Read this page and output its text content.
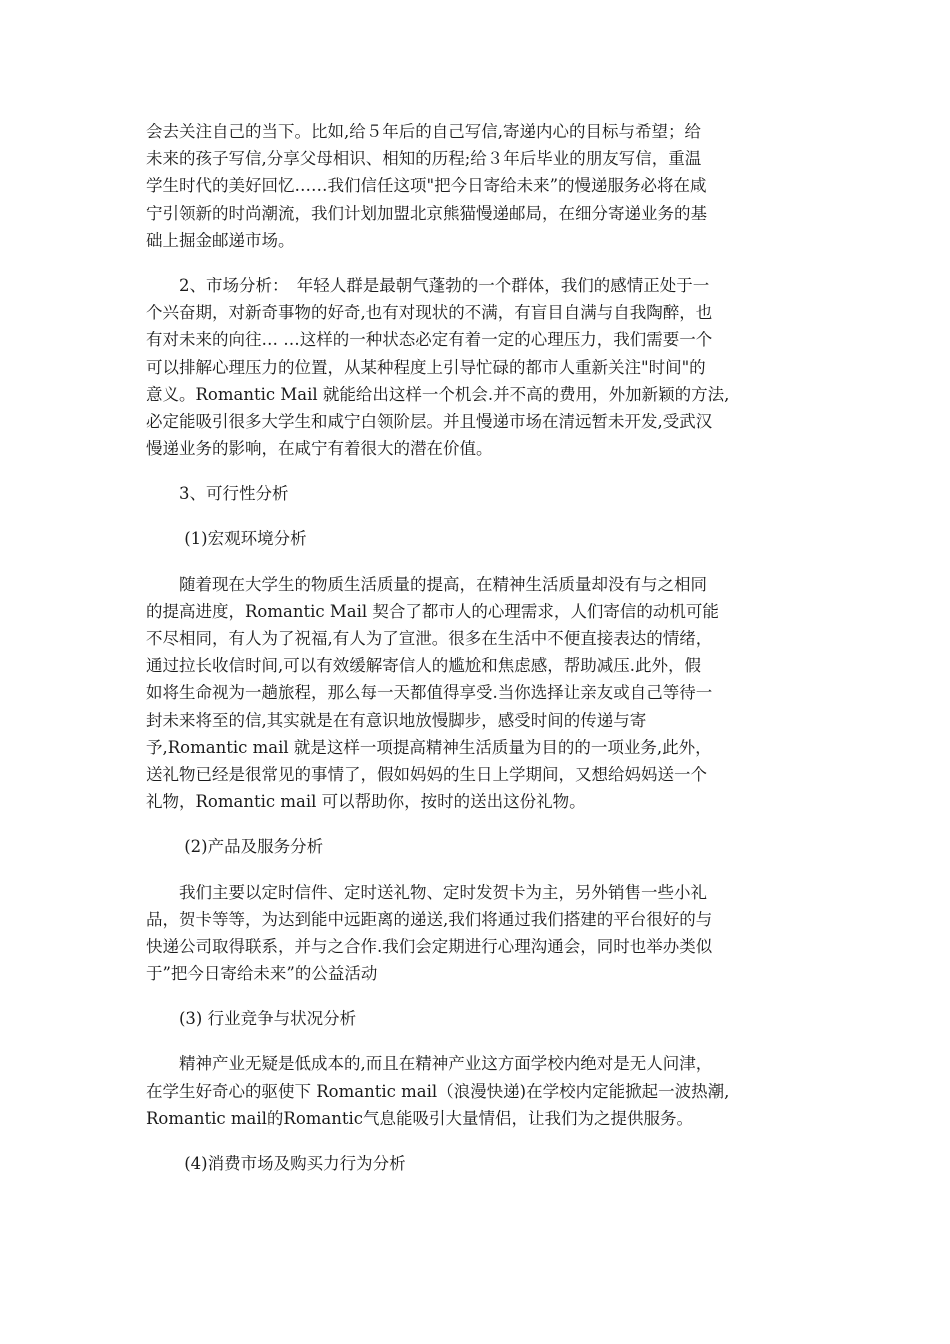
会去关注自己的当下。比如,给５年后的自己写信,寄递内心的目标与希望；给
未来的孩子写信,分享父母相识、相知的历程;给３年后毕业的朋友写信，重温
学生时代的美好回忆……我们信任这项"把今日寄给未来”的慢递服务必将在咸
宁引领新的时尚潮流，我们计划加盟北京熊猫慢递邮局，在细分寄递业务的基
础上掘金邮递市场。
　　2、市场分析：　年轻人群是最朝气蓬勃的一个群体，我们的感情正处于一
个兴奋期，对新奇事物的好奇,也有对现状的不满，有盲目自满与自我陶醉，也
有对未来的向往… …这样的一种状态必定有着一定的心理压力，我们需要一个
可以排解心理压力的位置，从某种程度上引导忙碌的都市人重新关注"时间"的
意义。Romantic Mail 就能给出这样一个机会.并不高的费用，外加新颖的方法,
必定能吸引很多大学生和咸宁白领阶层。并且慢递市场在清远暂未开发,受武汉
慢递业务的影响，在咸宁有着很大的潜在价值。
　　3、可行性分析
　　 (1)宏观环境分析
　　随着现在大学生的物质生活质量的提高，在精神生活质量却没有与之相同
的提高进度，Romantic Mail 契合了都市人的心理需求，人们寄信的动机可能
不尽相同，有人为了祝福,有人为了宣泄。很多在生活中不便直接表达的情绪，
通过拉长收信时间,可以有效缓解寄信人的尴尬和焦虑感，帮助减压.此外，假
如将生命视为一趟旅程，那么每一天都值得享受.当你选择让亲友或自己等待一
封未来将至的信,其实就是在有意识地放慢脚步，感受时间的传递与寄
予,Romantic mail 就是这样一项提高精神生活质量为目的的一项业务,此外，
送礼物已经是很常见的事情了，假如妈妈的生日上学期间，又想给妈妈送一个
礼物，Romantic mail 可以帮助你，按时的送出这份礼物。
　　 (2)产品及服务分析
　　我们主要以定时信件、定时送礼物、定时发贺卡为主，另外销售一些小礼
品，贺卡等等，为达到能中远距离的递送,我们将通过我们搭建的平台很好的与
快递公司取得联系，并与之合作.我们会定期进行心理沟通会，同时也举办类似
于”把今日寄给未来”的公益活动
　　(3) 行业竞争与状况分析
　　精神产业无疑是低成本的,而且在精神产业这方面学校内绝对是无人问津，
在学生好奇心的驱使下 Romantic mail（浪漫快递)在学校内定能掀起一波热潮,
Romantic mail的Romantic气息能吸引大量情侣，让我们为之提供服务。
　　 (4)消费市场及购买力行为分析
